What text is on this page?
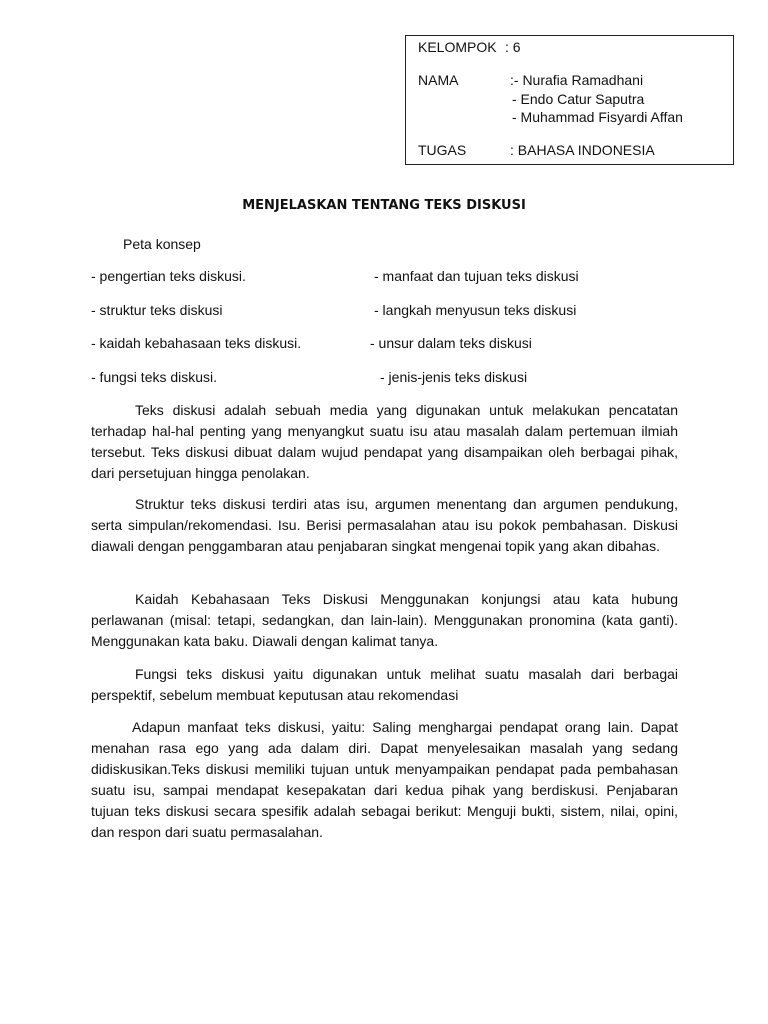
KELOMPOK : 6
NAMA	:- Nurafia Ramadhani
- Endo Catur Saputra
- Muhammad Fisyardi Affan
TUGAS	: BAHASA INDONESIA
MENJELASKAN TENTANG TEKS DISKUSI
Peta konsep
- pengertian teks diskusi.	- manfaat dan tujuan teks diskusi
- struktur teks diskusi	- langkah menyusun teks diskusi
- kaidah kebahasaan teks diskusi.	- unsur dalam teks diskusi
- fungsi teks diskusi.	- jenis-jenis teks diskusi

Teks diskusi adalah sebuah media yang digunakan untuk melakukan pencatatan terhadap hal-hal penting yang menyangkut suatu isu atau masalah dalam pertemuan ilmiah tersebut. Teks diskusi dibuat dalam wujud pendapat yang disampaikan oleh berbagai pihak, dari persetujuan hingga penolakan.

Struktur teks diskusi terdiri atas isu, argumen menentang dan argumen pendukung, serta simpulan/rekomendasi. Isu. Berisi permasalahan atau isu pokok pembahasan. Diskusi diawali dengan penggambaran atau penjabaran singkat mengenai topik yang akan dibahas.

Kaidah Kebahasaan Teks Diskusi Menggunakan konjungsi atau kata hubung perlawanan (misal: tetapi, sedangkan, dan lain-lain). Menggunakan pronomina (kata ganti). Menggunakan kata baku. Diawali dengan kalimat tanya.

Fungsi teks diskusi yaitu digunakan untuk melihat suatu masalah dari berbagai perspektif, sebelum membuat keputusan atau rekomendasi

Adapun manfaat teks diskusi, yaitu: Saling menghargai pendapat orang lain. Dapat menahan rasa ego yang ada dalam diri. Dapat menyelesaikan masalah yang sedang didiskusikan.Teks diskusi memiliki tujuan untuk menyampaikan pendapat pada pembahasan suatu isu, sampai mendapat kesepakatan dari kedua pihak yang berdiskusi. Penjabaran tujuan teks diskusi secara spesifik adalah sebagai berikut: Menguji bukti, sistem, nilai, opini, dan respon dari suatu permasalahan.
